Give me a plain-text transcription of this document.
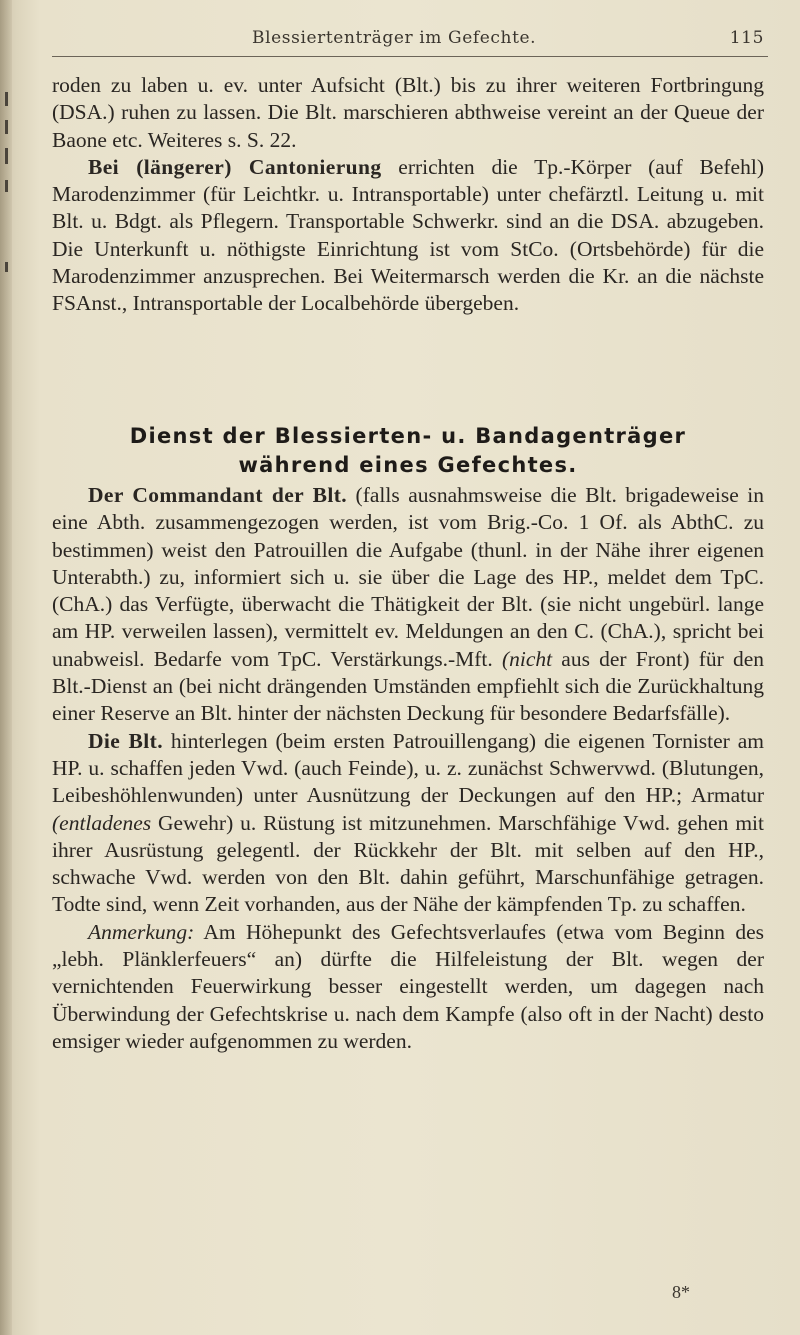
Blessiertenträger im Gefechte.	115

roden zu laben u. ev. unter Aufsicht (Blt.) bis zu ihrer weiteren Fortbringung (DSA.) ruhen zu lassen. Die Blt. marschieren abthweise vereint an der Queue der Baone etc. Weiteres s. S. 22.

Bei (längerer) Cantonierung errichten die Tp.-Körper (auf Befehl) Marodenzimmer (für Leichtkr. u. Intransportable) unter chefärztl. Leitung u. mit Blt. u. Bdgt. als Pflegern. Transportable Schwerkr. sind an die DSA. abzugeben. Die Unterkunft u. nöthigste Einrichtung ist vom StCo. (Ortsbehörde) für die Marodenzimmer anzusprechen. Bei Weitermarsch werden die Kr. an die nächste FSAnst., Intransportable der Localbehörde übergeben.

Dienst der Blessierten- u. Bandagenträger
während eines Gefechtes.

Der Commandant der Blt. (falls ausnahmsweise die Blt. brigadeweise in eine Abth. zusammengezogen werden, ist vom Brig.-Co. 1 Of. als AbthC. zu bestimmen) weist den Patrouillen die Aufgabe (thunl. in der Nähe ihrer eigenen Unterabth.) zu, informiert sich u. sie über die Lage des HP., meldet dem TpC. (ChA.) das Verfügte, überwacht die Thätigkeit der Blt. (sie nicht ungebürl. lange am HP. verweilen lassen), vermittelt ev. Meldungen an den C. (ChA.), spricht bei unabweisl. Bedarfe vom TpC. Verstärkungs.-Mft. (nicht aus der Front) für den Blt.-Dienst an (bei nicht drängenden Umständen empfiehlt sich die Zurückhaltung einer Reserve an Blt. hinter der nächsten Deckung für besondere Bedarfsfälle).

Die Blt. hinterlegen (beim ersten Patrouillengang) die eigenen Tornister am HP. u. schaffen jeden Vwd. (auch Feinde), u. z. zunächst Schwervwd. (Blutungen, Leibeshöhlenwunden) unter Ausnützung der Deckungen auf den HP.; Armatur (entladenes Gewehr) u. Rüstung ist mitzunehmen. Marschfähige Vwd. gehen mit ihrer Ausrüstung gelegentl. der Rückkehr der Blt. mit selben auf den HP., schwache Vwd. werden von den Blt. dahin geführt, Marschunfähige getragen. Todte sind, wenn Zeit vorhanden, aus der Nähe der kämpfenden Tp. zu schaffen.

Anmerkung: Am Höhepunkt des Gefechtsverlaufes (etwa vom Beginn des „lebh. Plänklerfeuers“ an) dürfte die Hilfeleistung der Blt. wegen der vernichtenden Feuerwirkung besser eingestellt werden, um dagegen nach Überwindung der Gefechtskrise u. nach dem Kampfe (also oft in der Nacht) desto emsiger wieder aufgenommen zu werden.

8*
